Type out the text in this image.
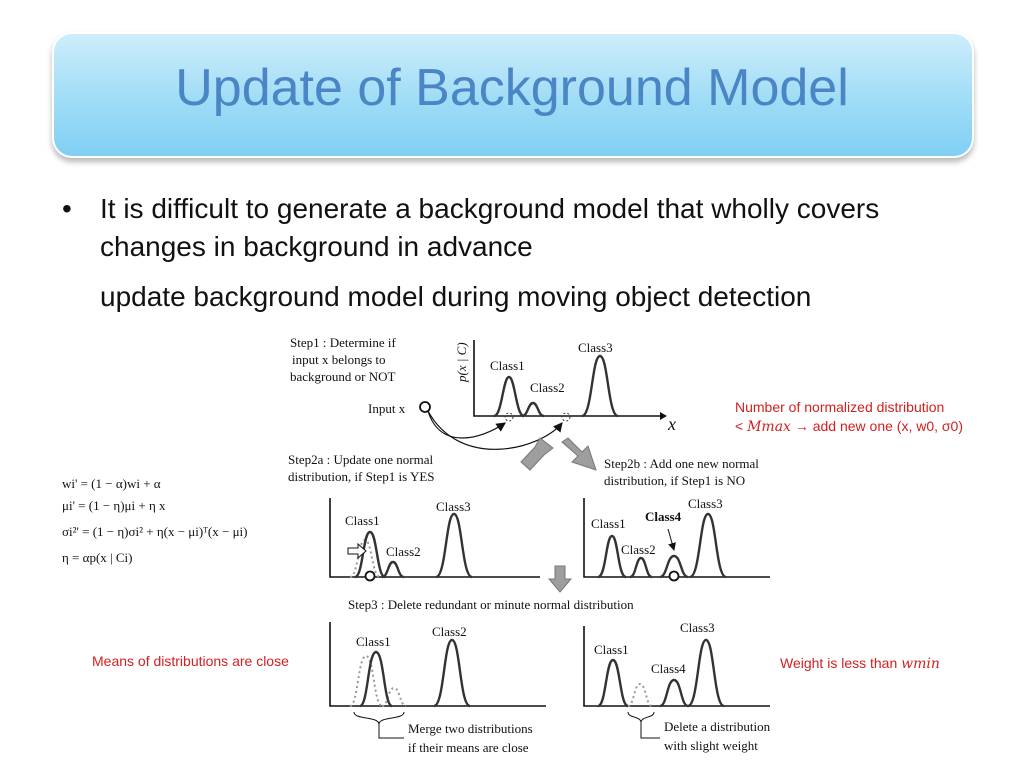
Update of Background Model
• It is difficult to generate a background model that wholly covers changes in background in advance
update background model during moving object detection
Number of normalized distribution
< Mmax → add new one (x, w0, σ0)
Means of distributions are close	Weight is less than wmin
Step1 : Determine if
input x belongs to
background or NOT
Input x
p(x | C)
x
Class1
Class2
Class3
Step2a : Update one normal
distribution, if Step1 is YES
Step2b : Add one new normal
distribution, if Step1 is NO
wi' = (1 − α)wi + α
μi' = (1 − η)μi + η x
σi²' = (1 − η)σi² + η(x − μi)ᵀ(x − μi)
η = αp(x | Ci)
Class1
Class2
Class3
Class1 Class4
Class2
Class3
Step3 : Delete redundant or minute normal distribution
Class1
Class2
Merge two distributions
if their means are close
Class1
Class4
Class3
Delete a distribution
with slight weight
